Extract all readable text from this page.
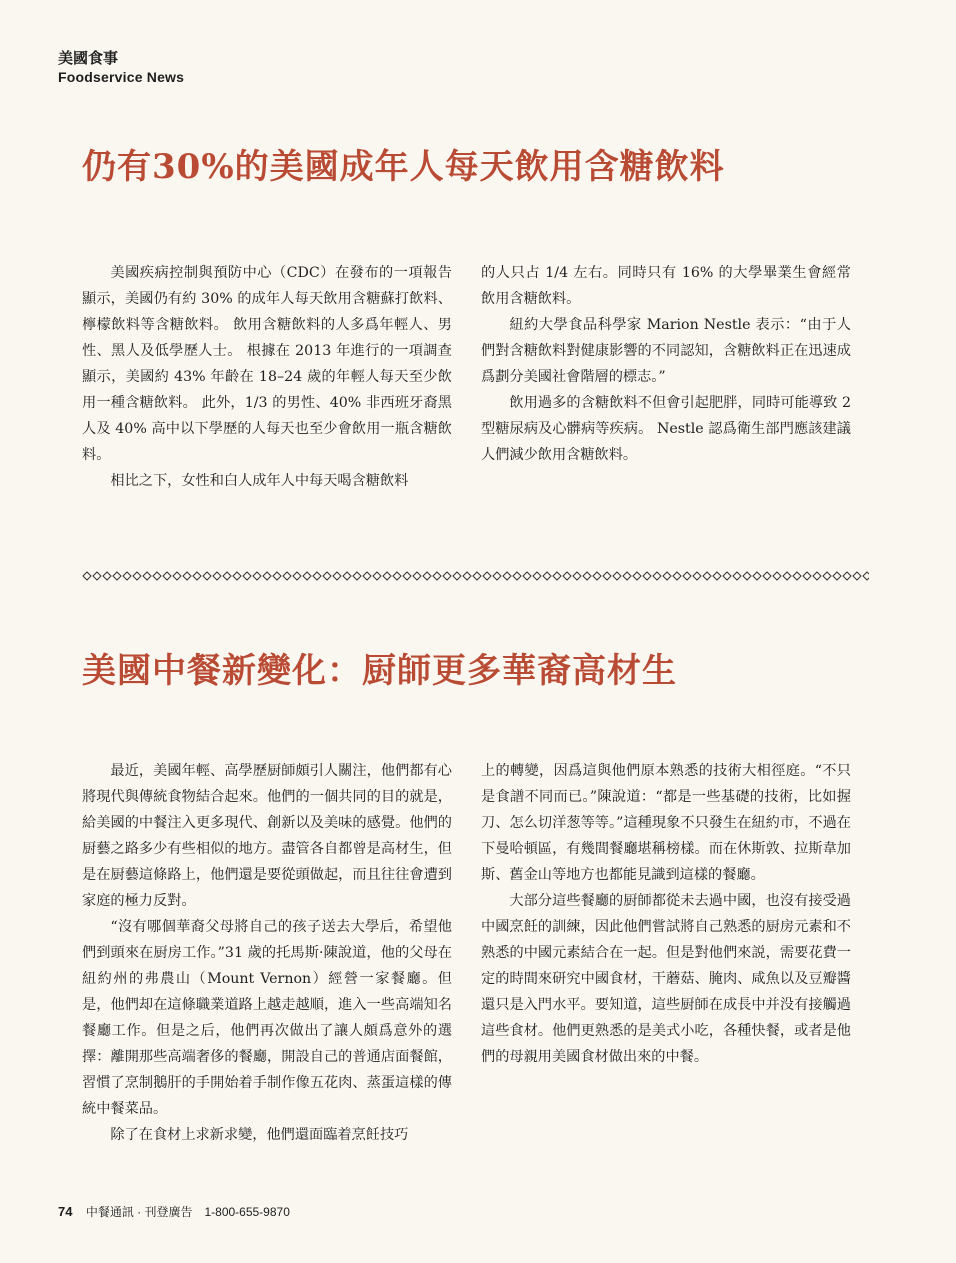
美國食事
Foodservice News
仍有30%的美國成年人每天飲用含糖飲料

美國疾病控制與預防中心（CDC）在發布的一項報告顯示，美國仍有約 30% 的成年人每天飲用含糖蘇打飲料、檸檬飲料等含糖飲料。 飲用含糖飲料的人多爲年輕人、男性、黑人及低學歷人士。 根據在 2013 年進行的一項調查顯示，美國約 43% 年齡在 18–24 歲的年輕人每天至少飲用一種含糖飲料。 此外，1/3 的男性、40% 非西班牙裔黑人及 40% 高中以下學歷的人每天也至少會飲用一瓶含糖飲料。

相比之下，女性和白人成年人中每天喝含糖飲料

的人只占 1/4 左右。同時只有 16% 的大學畢業生會經常飲用含糖飲料。

紐約大學食品科學家 Marion Nestle 表示：“由于人們對含糖飲料對健康影響的不同認知，含糖飲料正在迅速成爲劃分美國社會階層的標志。”

飲用過多的含糖飲料不但會引起肥胖，同時可能導致 2 型糖尿病及心髒病等疾病。 Nestle 認爲衛生部門應該建議人們減少飲用含糖飲料。

美國中餐新變化：厨師更多華裔高材生

最近，美國年輕、高學歷厨師頗引人關注，他們都有心將現代與傳統食物結合起來。他們的一個共同的目的就是，給美國的中餐注入更多現代、創新以及美味的感覺。他們的厨藝之路多少有些相似的地方。盡管各自都曾是高材生，但是在厨藝這條路上，他們還是要從頭做起，而且往往會遭到家庭的極力反對。

“沒有哪個華裔父母將自己的孩子送去大學后，希望他們到頭來在厨房工作。”31 歲的托馬斯·陳說道，他的父母在紐約州的弗農山（Mount Vernon）經營一家餐廳。但是，他們却在這條職業道路上越走越順，進入一些高端知名餐廳工作。但是之后，他們再次做出了讓人頗爲意外的選擇：離開那些高端奢侈的餐廳，開設自己的普通店面餐館，習慣了烹制鵝肝的手開始着手制作像五花肉、蒸蛋這樣的傳統中餐菜品。

除了在食材上求新求變，他們還面臨着烹飪技巧

上的轉變，因爲這與他們原本熟悉的技術大相徑庭。“不只是食譜不同而已。”陳說道：“都是一些基礎的技術，比如握刀、怎么切洋葱等等。”這種現象不只發生在紐約市，不過在下曼哈頓區，有幾間餐廳堪稱榜樣。而在休斯敦、拉斯韋加斯、舊金山等地方也都能見識到這樣的餐廳。

大部分這些餐廳的厨師都從未去過中國，也沒有接受過中國烹飪的訓練，因此他們嘗試將自己熟悉的厨房元素和不熟悉的中國元素結合在一起。但是對他們來説，需要花費一定的時間來研究中國食材，干蘑菇、腌肉、咸魚以及豆瓣醬還只是入門水平。要知道，這些厨師在成長中并没有接觸過這些食材。他們更熟悉的是美式小吃，各種快餐，或者是他們的母親用美國食材做出來的中餐。

74 中餐通訊 · 刊登廣告　1-800-655-9870
